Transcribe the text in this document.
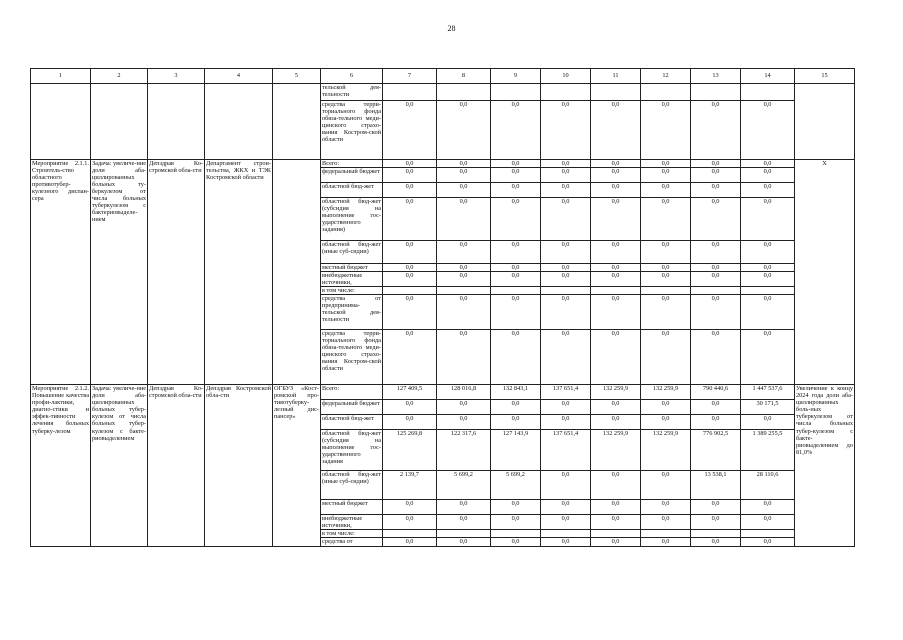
28
1	2	3	4	5	6	7	8	9	10	11	12	13	14	15
					тельской дея-тельности									
					средства терри-ториального фонда обяза-тельного меди-цинского страхо-вания Костром-ской области	0,0	0,0	0,0	0,0	0,0	0,0	0,0	0,0	
Мероприятие 2.1.1. Строитель-ство областного противотубер-кулезного диспан-сера	Задача: увеличе-ние доли аба-циллированных больных ту-беркулезом от числа больных туберкулезом с бактериовыделе-нием	Депздрав Ко-стромской обла-сти	Департамент строи-тельства, ЖКХ и ТЭК Костромской области		Всего:	0,0	0,0	0,0	0,0	0,0	0,0	0,0	0,0	X
					федеральный бюджет	0,0	0,0	0,0	0,0	0,0	0,0	0,0	0,0	
					областной бюд-жет	0,0	0,0	0,0	0,0	0,0	0,0	0,0	0,0	
					областной бюд-жет (субсидия на выполнение гос-ударственного задания)	0,0	0,0	0,0	0,0	0,0	0,0	0,0	0,0	
					областной бюд-жет (иные суб-сидии)	0,0	0,0	0,0	0,0	0,0	0,0	0,0	0,0	
					местный бюджет	0,0	0,0	0,0	0,0	0,0	0,0	0,0	0,0	
					внебюджетные источники,	0,0	0,0	0,0	0,0	0,0	0,0	0,0	0,0	
					в том числе:									
					средства от предпринима-тельской дея-тельности	0,0	0,0	0,0	0,0	0,0	0,0	0,0	0,0	
					средства терри-ториального фонда обяза-тельного меди-цинского страхо-вания Костром-ской области	0,0	0,0	0,0	0,0	0,0	0,0	0,0	0,0	
Мероприятие 2.1.2. Повышение качества профи-лактики, диагно-стики и эффек-тивности лечения больных туберку-лезом	Задача: увеличе-ние доли аба-циллированных больных тубер-кулезом от числа больных тубер-кулезом с бакте-риовыделением	Депздрав Ко-стромской обла-сти	Депздрав Костромской обла-сти	ОГБУЗ «Кост-ромской про-тивотуберку-лезный дис-пансер»	Всего:	127 409,5	128 016,8	132 843,1	137 651,4	132 259,9	132 259,9	790 440,6	1 447 537,6	Увеличение к концу 2024 года доли аба-циллированных боль-ных туберкулезом от числа больных тубер-кулезом с бакте-риовыделением до 81,0%
					федеральный бюджет	0,0	0,0	0,0	0,0	0,0	0,0	0,0	30 171,5	
					областной бюд-жет	0,0	0,0	0,0	0,0	0,0	0,0	0,0	0,0	
					областной бюд-жет (субсидия на выполнение гос-ударственного задания	125 269,8	122 317,6	127 143,9	137 651,4	132 259,9	132 259,9	776 902,5	1 389 255,5	
					областной бюд-жет (иные суб-сидии)	2 139,7	5 699,2	5 699,2	0,0	0,0	0,0	13 538,1	28 110,6	
					местный бюджет	0,0	0,0	0,0	0,0	0,0	0,0	0,0	0,0	
					внебюджетные источники,	0,0	0,0	0,0	0,0	0,0	0,0	0,0	0,0	
					в том числе:									
					средства от	0,0	0,0	0,0	0,0	0,0	0,0	0,0	0,0	
